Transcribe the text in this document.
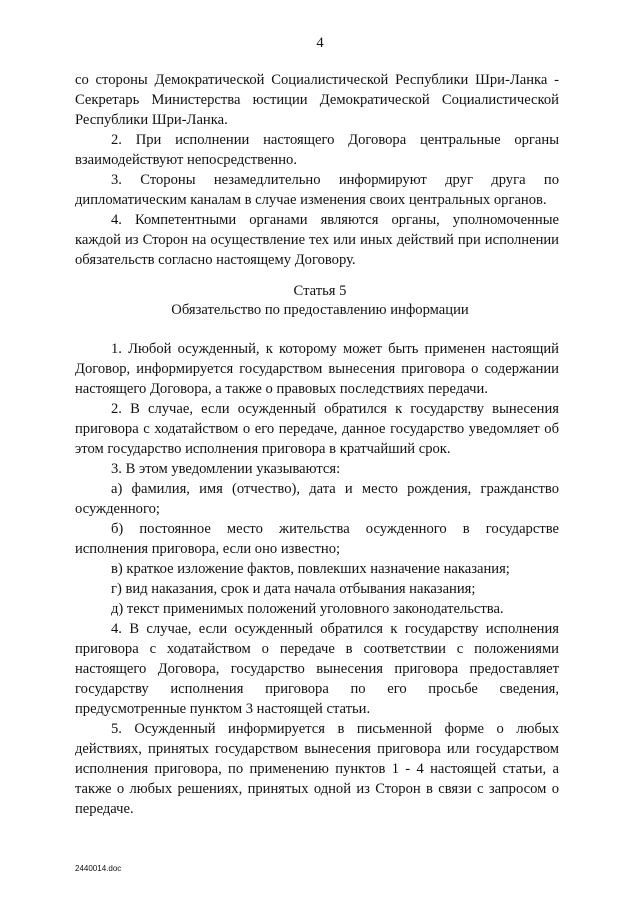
4

со стороны Демократической Социалистической Республики Шри-Ланка - Секретарь Министерства юстиции Демократической Социалистической Республики Шри-Ланка.

2. При исполнении настоящего Договора центральные органы взаимодействуют непосредственно.

3. Стороны незамедлительно информируют друг друга по дипломатическим каналам в случае изменения своих центральных органов.

4. Компетентными органами являются органы, уполномоченные каждой из Сторон на осуществление тех или иных действий при исполнении обязательств согласно настоящему Договору.

Статья 5
Обязательство по предоставлению информации

1. Любой осужденный, к которому может быть применен настоящий Договор, информируется государством вынесения приговора о содержании настоящего Договора, а также о правовых последствиях передачи.

2. В случае, если осужденный обратился к государству вынесения приговора с ходатайством о его передаче, данное государство уведомляет об этом государство исполнения приговора в кратчайший срок.

3. В этом уведомлении указываются:

а) фамилия, имя (отчество), дата и место рождения, гражданство осужденного;

б) постоянное место жительства осужденного в государстве исполнения приговора, если оно известно;

в) краткое изложение фактов, повлекших назначение наказания;

г) вид наказания, срок и дата начала отбывания наказания;

д) текст применимых положений уголовного законодательства.

4. В случае, если осужденный обратился к государству исполнения приговора с ходатайством о передаче в соответствии с положениями настоящего Договора, государство вынесения приговора предоставляет государству исполнения приговора по его просьбе сведения, предусмотренные пунктом 3 настоящей статьи.

5. Осужденный информируется в письменной форме о любых действиях, принятых государством вынесения приговора или государством исполнения приговора, по применению пунктов 1 - 4 настоящей статьи, а также о любых решениях, принятых одной из Сторон в связи с запросом о передаче.

2440014.doc
